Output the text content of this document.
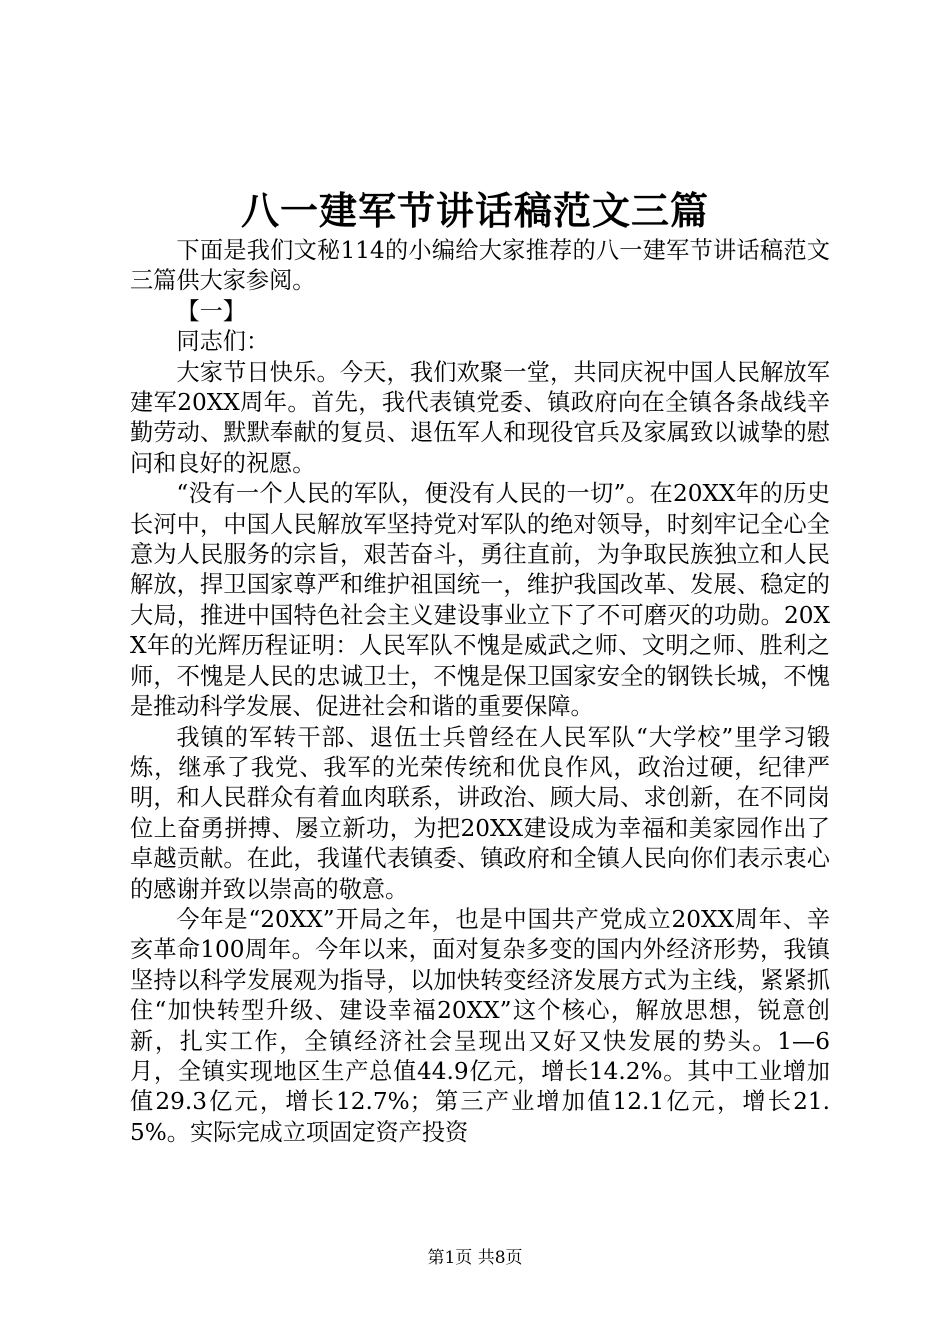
八一建军节讲话稿范文三篇

下面是我们文秘114的小编给大家推荐的八一建军节讲话稿范文三篇供大家参阅。

【一】

同志们：

大家节日快乐。今天，我们欢聚一堂，共同庆祝中国人民解放军建军20XX周年。首先，我代表镇党委、镇政府向在全镇各条战线辛勤劳动、默默奉献的复员、退伍军人和现役官兵及家属致以诚挚的慰问和良好的祝愿。

“没有一个人民的军队，便没有人民的一切”。在20XX年的历史长河中，中国人民解放军坚持党对军队的绝对领导，时刻牢记全心全意为人民服务的宗旨，艰苦奋斗，勇往直前，为争取民族独立和人民解放，捍卫国家尊严和维护祖国统一，维护我国改革、发展、稳定的大局，推进中国特色社会主义建设事业立下了不可磨灭的功勋。20XX年的光辉历程证明：人民军队不愧是威武之师、文明之师、胜利之师，不愧是人民的忠诚卫士，不愧是保卫国家安全的钢铁长城，不愧是推动科学发展、促进社会和谐的重要保障。

我镇的军转干部、退伍士兵曾经在人民军队“大学校”里学习锻炼，继承了我党、我军的光荣传统和优良作风，政治过硬，纪律严明，和人民群众有着血肉联系，讲政治、顾大局、求创新，在不同岗位上奋勇拼搏、屡立新功，为把20XX建设成为幸福和美家园作出了卓越贡献。在此，我谨代表镇委、镇政府和全镇人民向你们表示衷心的感谢并致以崇高的敬意。

今年是“20XX”开局之年，也是中国共产党成立20XX周年、辛亥革命100周年。今年以来，面对复杂多变的国内外经济形势，我镇坚持以科学发展观为指导，以加快转变经济发展方式为主线，紧紧抓住“加快转型升级、建设幸福20XX”这个核心，解放思想，锐意创新，扎实工作，全镇经济社会呈现出又好又快发展的势头。1—6月，全镇实现地区生产总值44.9亿元，增长14.2%。其中工业增加值29.3亿元，增长12.7%；第三产业增加值12.1亿元，增长21.5%。实际完成立项固定资产投资

第1页 共8页
